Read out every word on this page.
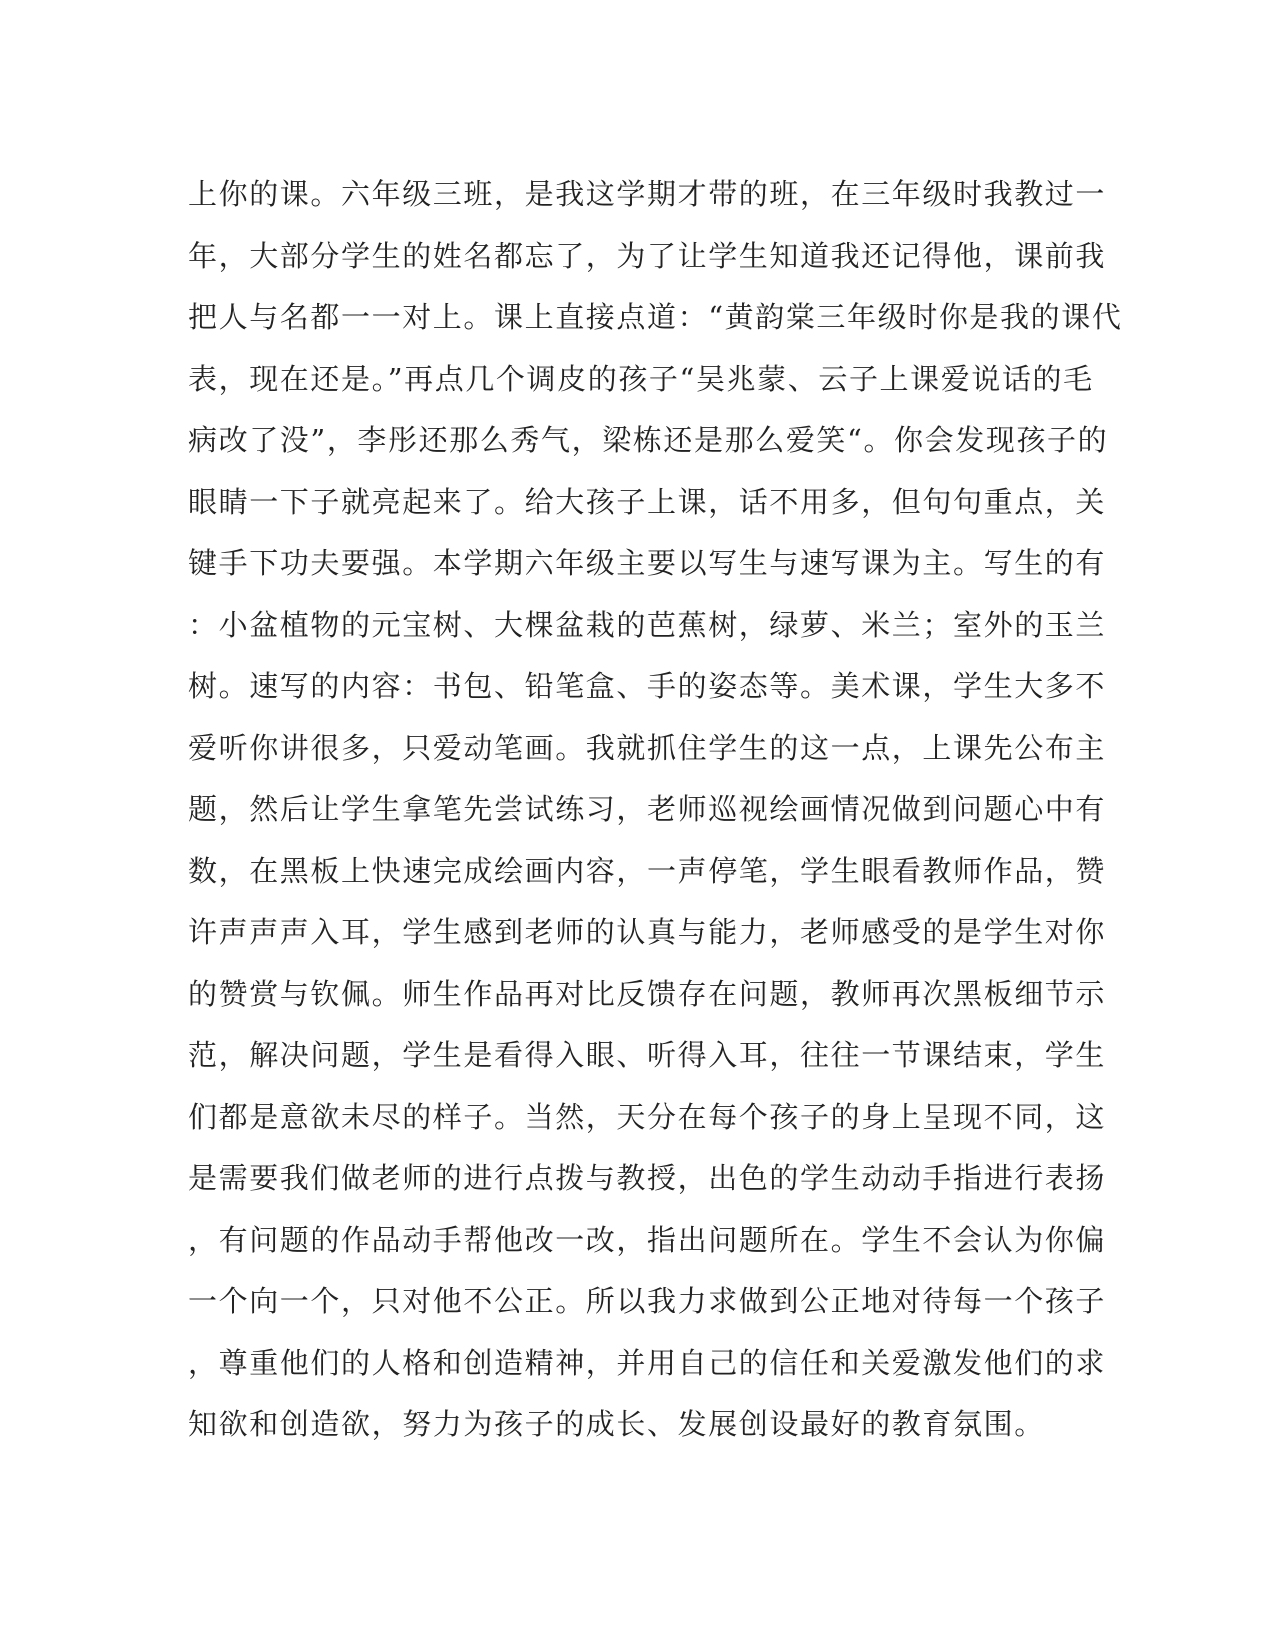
上你的课。六年级三班，是我这学期才带的班，在三年级时我教过一
年，大部分学生的姓名都忘了，为了让学生知道我还记得他，课前我
把人与名都一一对上。课上直接点道：“黄韵棠三年级时你是我的课代
表，现在还是。”再点几个调皮的孩子“吴兆蒙、云子上课爱说话的毛
病改了没”，李彤还那么秀气，梁栋还是那么爱笑“。你会发现孩子的
眼睛一下子就亮起来了。给大孩子上课，话不用多，但句句重点，关
键手下功夫要强。本学期六年级主要以写生与速写课为主。写生的有
：小盆植物的元宝树、大棵盆栽的芭蕉树，绿萝、米兰；室外的玉兰
树。速写的内容：书包、铅笔盒、手的姿态等。美术课，学生大多不
爱听你讲很多，只爱动笔画。我就抓住学生的这一点，上课先公布主
题，然后让学生拿笔先尝试练习，老师巡视绘画情况做到问题心中有
数，在黑板上快速完成绘画内容，一声停笔，学生眼看教师作品，赞
许声声声入耳，学生感到老师的认真与能力，老师感受的是学生对你
的赞赏与钦佩。师生作品再对比反馈存在问题，教师再次黑板细节示
范，解决问题，学生是看得入眼、听得入耳，往往一节课结束，学生
们都是意欲未尽的样子。当然，天分在每个孩子的身上呈现不同，这
是需要我们做老师的进行点拨与教授，出色的学生动动手指进行表扬
，有问题的作品动手帮他改一改，指出问题所在。学生不会认为你偏
一个向一个，只对他不公正。所以我力求做到公正地对待每一个孩子
，尊重他们的人格和创造精神，并用自己的信任和关爱激发他们的求
知欲和创造欲，努力为孩子的成长、发展创设最好的教育氛围。
